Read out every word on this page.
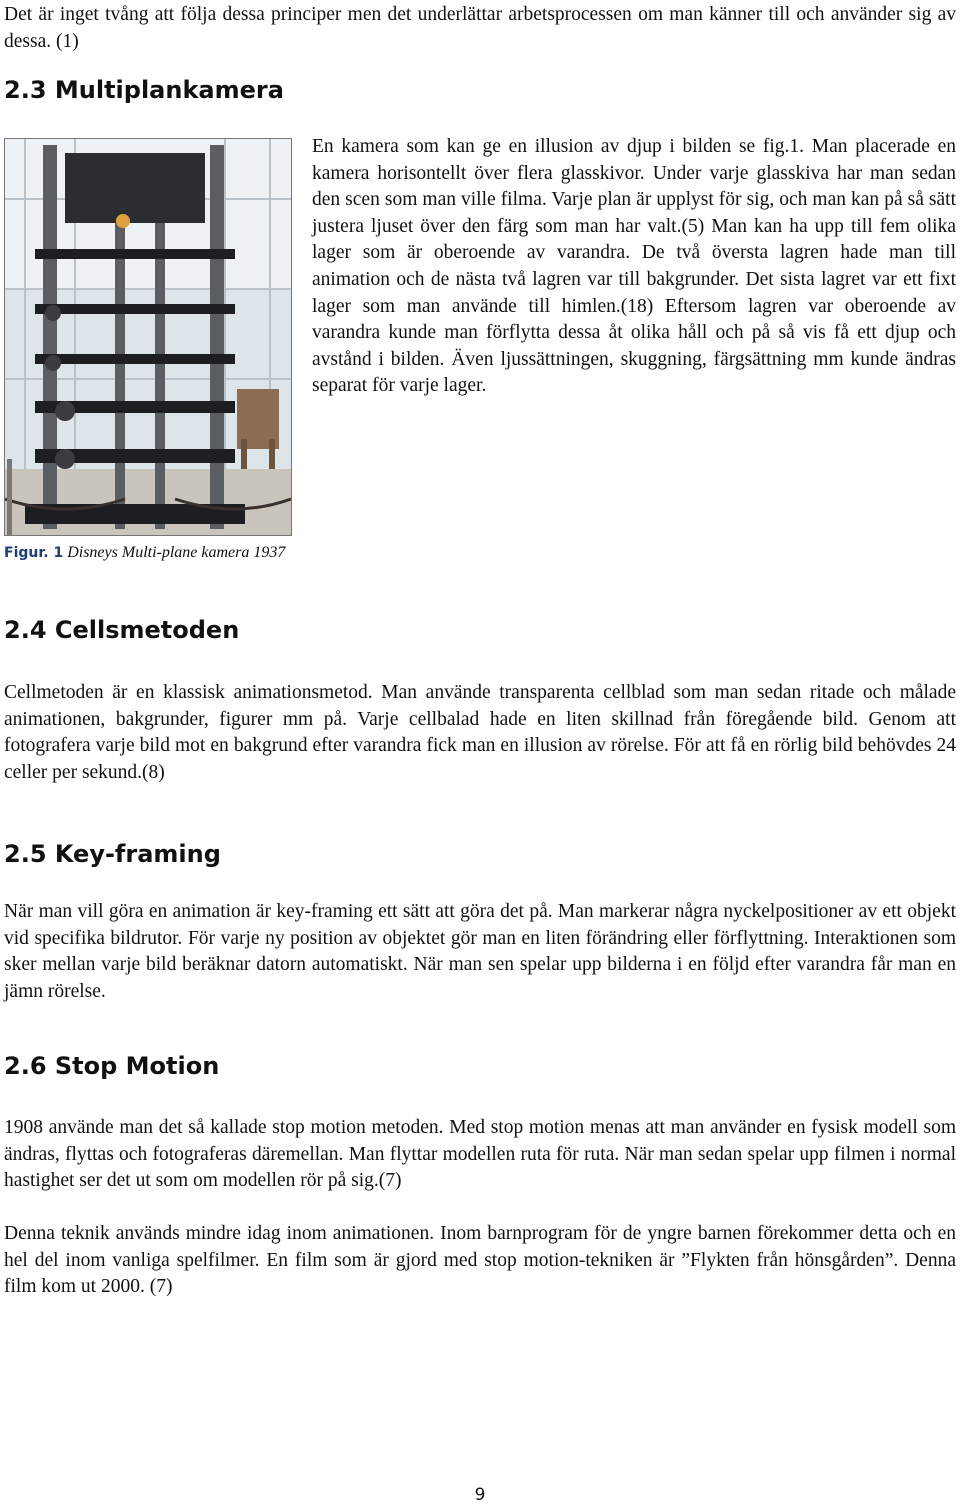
Det är inget tvång att följa dessa principer men det underlättar arbetsprocessen om man känner till och använder sig av dessa. (1)

2.3 Multiplankamera

En kamera som kan ge en illusion av djup i bilden se fig.1. Man placerade en kamera horisontellt över flera glasskivor. Under varje glasskiva har man sedan den scen som man ville filma. Varje plan är upplyst för sig, och man kan på så sätt justera ljuset över den färg som man har valt.(5) Man kan ha upp till fem olika lager som är oberoende av varandra. De två översta lagren hade man till animation och de nästa två lagren var till bakgrunder. Det sista lagret var ett fixt lager som man använde till himlen.(18) Eftersom lagren var oberoende av varandra kunde man förflytta dessa åt olika håll och på så vis få ett djup och avstånd i bilden. Även ljussättningen, skuggning, färgsättning mm kunde ändras separat för varje lager.

Figur. 1 Disneys Multi-plane kamera 1937

2.4 Cellsmetoden

Cellmetoden är en klassisk animationsmetod. Man använde transparenta cellblad som man sedan ritade och målade animationen, bakgrunder, figurer mm på. Varje cellbalad hade en liten skillnad från föregående bild. Genom att fotografera varje bild mot en bakgrund efter varandra fick man en illusion av rörelse. För att få en rörlig bild behövdes 24 celler per sekund.(8)

2.5 Key-framing

När man vill göra en animation är key-framing ett sätt att göra det på. Man markerar några nyckelpositioner av ett objekt vid specifika bildrutor. För varje ny position av objektet gör man en liten förändring eller förflyttning. Interaktionen som sker mellan varje bild beräknar datorn automatiskt. När man sen spelar upp bilderna i en följd efter varandra får man en jämn rörelse.

2.6 Stop Motion

1908 använde man det så kallade stop motion metoden. Med stop motion menas att man använder en fysisk modell som ändras, flyttas och fotograferas däremellan. Man flyttar modellen ruta för ruta. När man sedan spelar upp filmen i normal hastighet ser det ut som om modellen rör på sig.(7)

Denna teknik används mindre idag inom animationen. Inom barnprogram för de yngre barnen förekommer detta och en hel del inom vanliga spelfilmer. En film som är gjord med stop motion-tekniken är ”Flykten från hönsgården”. Denna film kom ut 2000. (7)

9
